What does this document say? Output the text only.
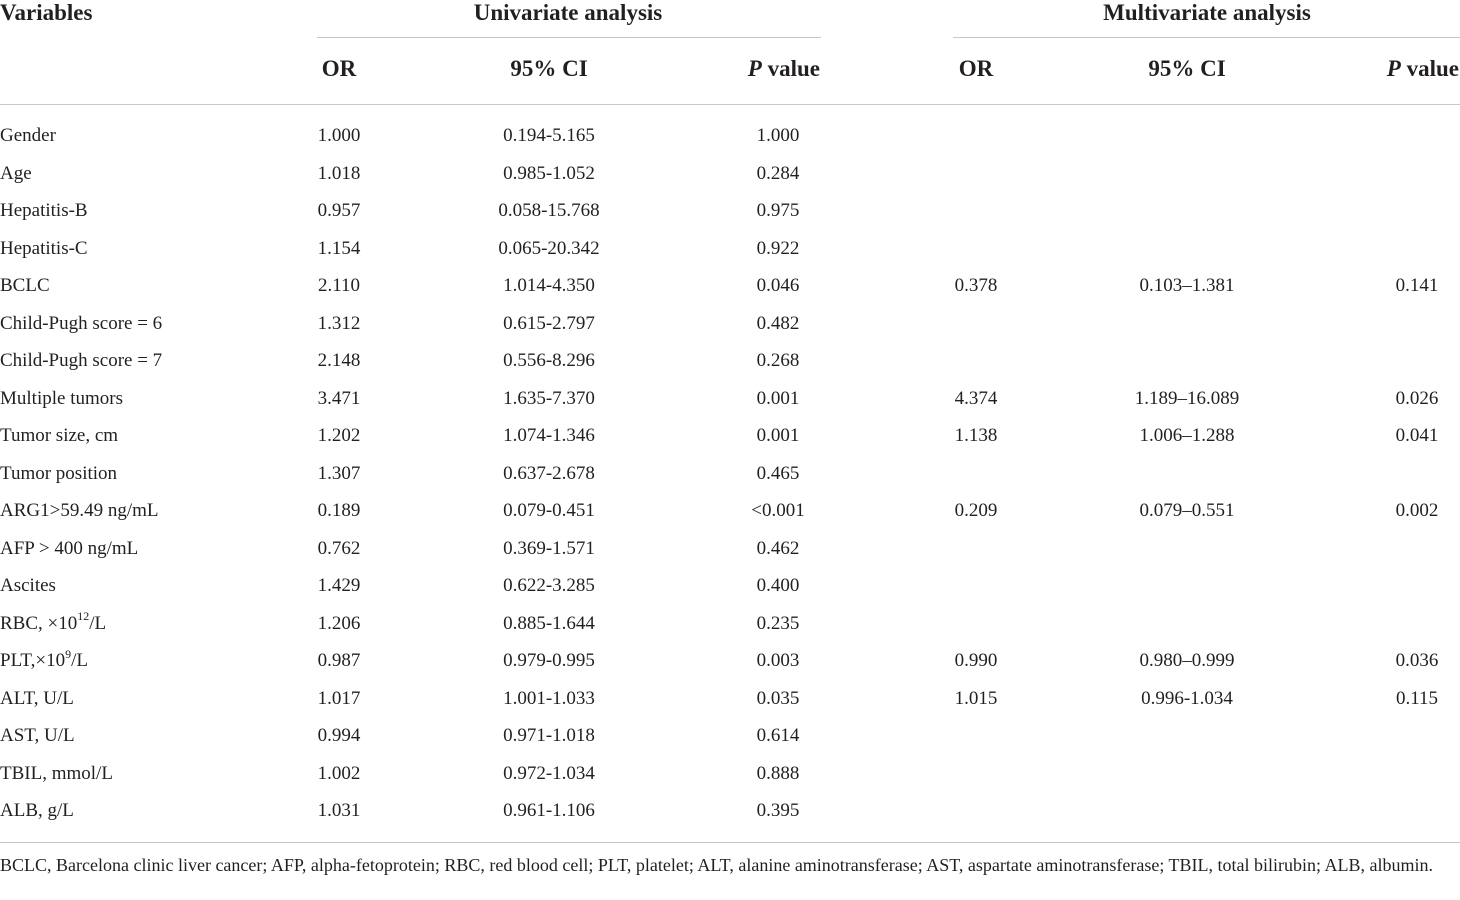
Variables	Univariate analysis	Multivariate analysis
OR	95% CI	P value	OR	95% CI	P value
Gender	1.000	0.194-5.165	1.000
Age	1.018	0.985-1.052	0.284
Hepatitis-B	0.957	0.058-15.768	0.975
Hepatitis-C	1.154	0.065-20.342	0.922
BCLC	2.110	1.014-4.350	0.046	0.378	0.103–1.381	0.141
Child-Pugh score = 6	1.312	0.615-2.797	0.482
Child-Pugh score = 7	2.148	0.556-8.296	0.268
Multiple tumors	3.471	1.635-7.370	0.001	4.374	1.189–16.089	0.026
Tumor size, cm	1.202	1.074-1.346	0.001	1.138	1.006–1.288	0.041
Tumor position	1.307	0.637-2.678	0.465
ARG1>59.49 ng/mL	0.189	0.079-0.451	<0.001	0.209	0.079–0.551	0.002
AFP > 400 ng/mL	0.762	0.369-1.571	0.462
Ascites	1.429	0.622-3.285	0.400
RBC, $\times 10^{12}/L$	1.206	0.885-1.644	0.235
$PLT,\times 10^9/L$	0.987	0.979-0.995	0.003	0.990	0.980–0.999	0.036
ALT, U/L	1.017	1.001-1.033	0.035	1.015	0.996-1.034	0.115
AST, U/L	0.994	0.971-1.018	0.614
TBIL, mmol/L	1.002	0.972-1.034	0.888
ALB, g/L	1.031	0.961-1.106	0.395
BCLC, Barcelona clinic liver cancer; AFP, alpha-fetoprotein; RBC, red blood cell; PLT, platelet; ALT, alanine aminotransferase; AST, aspartate aminotransferase; TBIL, total bilirubin; ALB, albumin.
